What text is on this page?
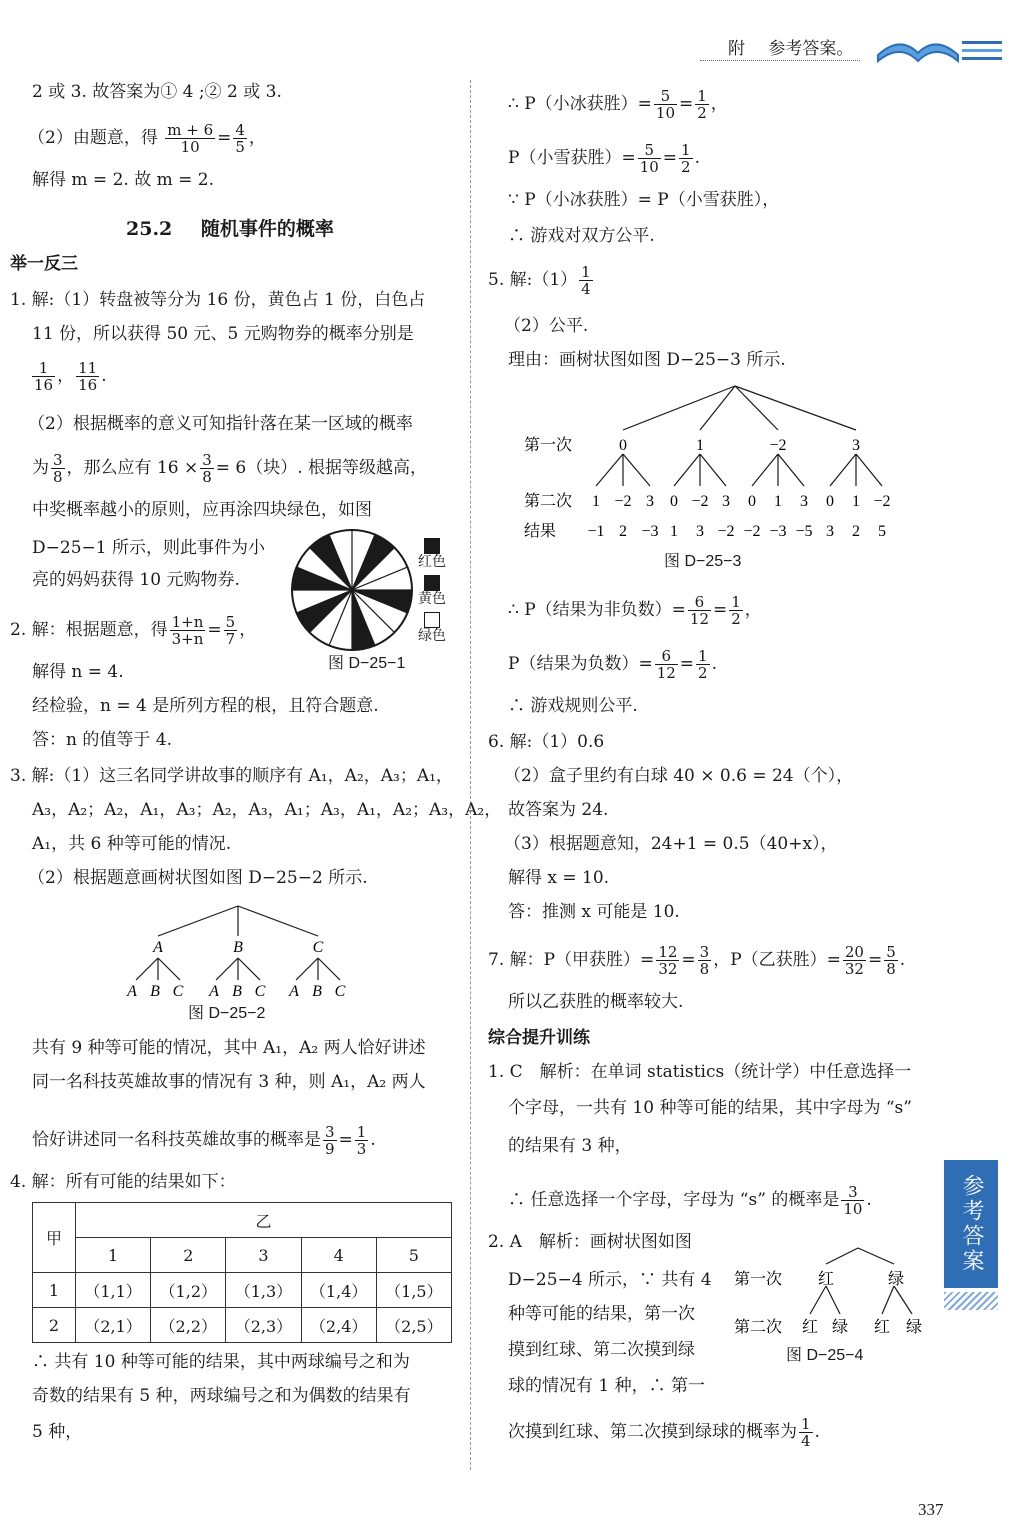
附 参考答案。
2 或 3. 故答案为① 4 ;② 2 或 3.
（2）由题意，得 $\frac{m + 6}{10} = \frac{4}{5}$ ，
解得 m = 2. 故 m = 2.
25.2 随机事件的概率
举一反三
1. 解:（1）转盘被等分为 16 份，黄色占 1 份，白色占
11 份，所以获得 50 元、5 元购物券的概率分别是
$\frac{1}{16}$ ， $\frac{11}{16}$ .
（2）根据概率的意义可知指针落在某一区域的概率
为 $\frac{3}{8}$ ，那么应有 $16 \times \frac{3}{8} = 6$（块）. 根据等级越高，
中奖概率越小的原则，应再涂四块绿色，如图
D−25−1 所示，则此事件为小
亮的妈妈获得 10 元购物券.
红色
黄色
绿色
2. 解：根据题意，得 $\frac{1+n}{3+n} = \frac{5}{7}$ ，
图 D−25−1
解得 n = 4.
经检验，n = 4 是所列方程的根，且符合题意.
答：n 的值等于 4.
3. 解:（1）这三名同学讲故事的顺序有 A₁，A₂，A₃；A₁，
A₃，A₂；A₂，A₁，A₃；A₂，A₃，A₁；A₃，A₁，A₂；A₃，A₂，
A₁，共 6 种等可能的情况.
（2）根据题意画树状图如图 D−25−2 所示.
A	B	C
A B C A B C A B C
图 D−25−2
共有 9 种等可能的情况，其中 A₁，A₂ 两人恰好讲述
同一名科技英雄故事的情况有 3 种，则 A₁，A₂ 两人
恰好讲述同一名科技英雄故事的概率是 $\frac{3}{9} = \frac{1}{3}$ .
4. 解：所有可能的结果如下：
甲	乙				
	1	2	3	4	5
1	（1,1）	（1,2）	（1,3）	（1,4）	（1,5）
2	（2,1）	（2,2）	（2,3）	（2,4）	（2,5）
∴ 共有 10 种等可能的结果，其中两球编号之和为
奇数的结果有 5 种，两球编号之和为偶数的结果有
5 种，
∴ P（小冰获胜）= $\frac{5}{10} = \frac{1}{2}$ ，
P（小雪获胜）= $\frac{5}{10} = \frac{1}{2}$ .
∵ P（小冰获胜）= P（小雪获胜），
∴ 游戏对双方公平.
5. 解:（1） $\frac{1}{4}$
（2）公平.
理由：画树状图如图 D−25−3 所示.
第一次
第二次
结果
0	1	−2	3
1 −2 3 0 −2 3 0 1 3 0 1 −2
−1 2 −3 1 3 −2 −2 −3 −5 3 2 5
图 D−25−3
∴ P（结果为非负数）= $\frac{6}{12} = \frac{1}{2}$ ，
P（结果为负数）= $\frac{6}{12} = \frac{1}{2}$ .
∴ 游戏规则公平.
6. 解:（1）0.6
（2）盒子里约有白球 40 × 0.6 = 24（个），
故答案为 24.
（3）根据题意知，24+1 = 0.5（40+x），
解得 x = 10.
答：推测 x 可能是 10.
7. 解：P（甲获胜）= $\frac{12}{32} = \frac{3}{8}$ ，P（乙获胜）= $\frac{20}{32} = \frac{5}{8}$ .
所以乙获胜的概率较大.
综合提升训练
1. C　解析：在单词 statistics（统计学）中任意选择一
个字母，一共有 10 种等可能的结果，其中字母为 “s”
的结果有 3 种，
∴ 任意选择一个字母，字母为 “s” 的概率是 $\frac{3}{10}$ .
2. A　解析：画树状图如图
D−25−4 所示，∵ 共有 4
种等可能的结果，第一次
摸到红球、第二次摸到绿
球的情况有 1 种，∴ 第一
次摸到红球、第二次摸到绿球的概率为 $\frac{1}{4}$ .
第一次
第二次
红	绿
红 绿 红 绿
图 D−25−4
参考答案
337
